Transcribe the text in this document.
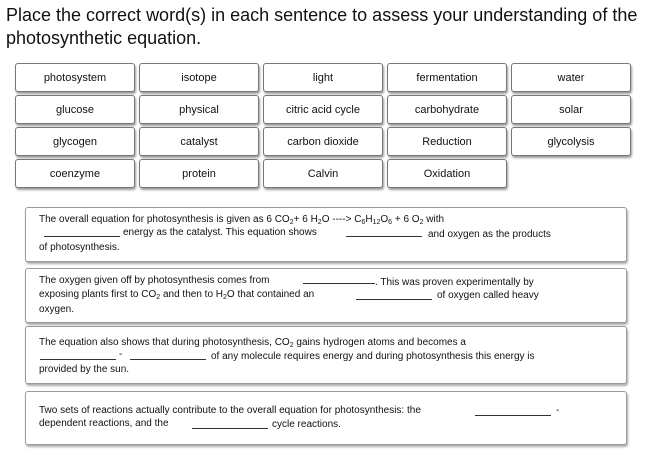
Place the correct word(s) in each sentence to assess your understanding of the
photosynthetic equation.
photosystem	isotope	light	fermentation	water
glucose	physical	citric acid cycle	carbohydrate	solar
glycogen	catalyst	carbon dioxide	Reduction	glycolysis
coenzyme	protein	Calvin	Oxidation
The overall equation for photosynthesis is given as 6 $CO_2+ 6$ $H_2O$ ----> $C_6H_{12}O_6 + 6$ $O_2$ with
energy as the catalyst. This equation shows	and oxygen as the products
of photosynthesis.
The oxygen given off by photosynthesis comes from	. This was proven experimentally by
exposing plants first to $CO_2$ and then to $H_2O$ that contained an	of oxygen called heavy
oxygen.
The equation also shows that during photosynthesis, $CO_2$ gains hydrogen atoms and becomes a
-	of any molecule requires energy and during photosynthesis this energy is
provided by the sun.
Two sets of reactions actually contribute to the overall equation for photosynthesis: the	-
dependent reactions, and the	cycle reactions.
